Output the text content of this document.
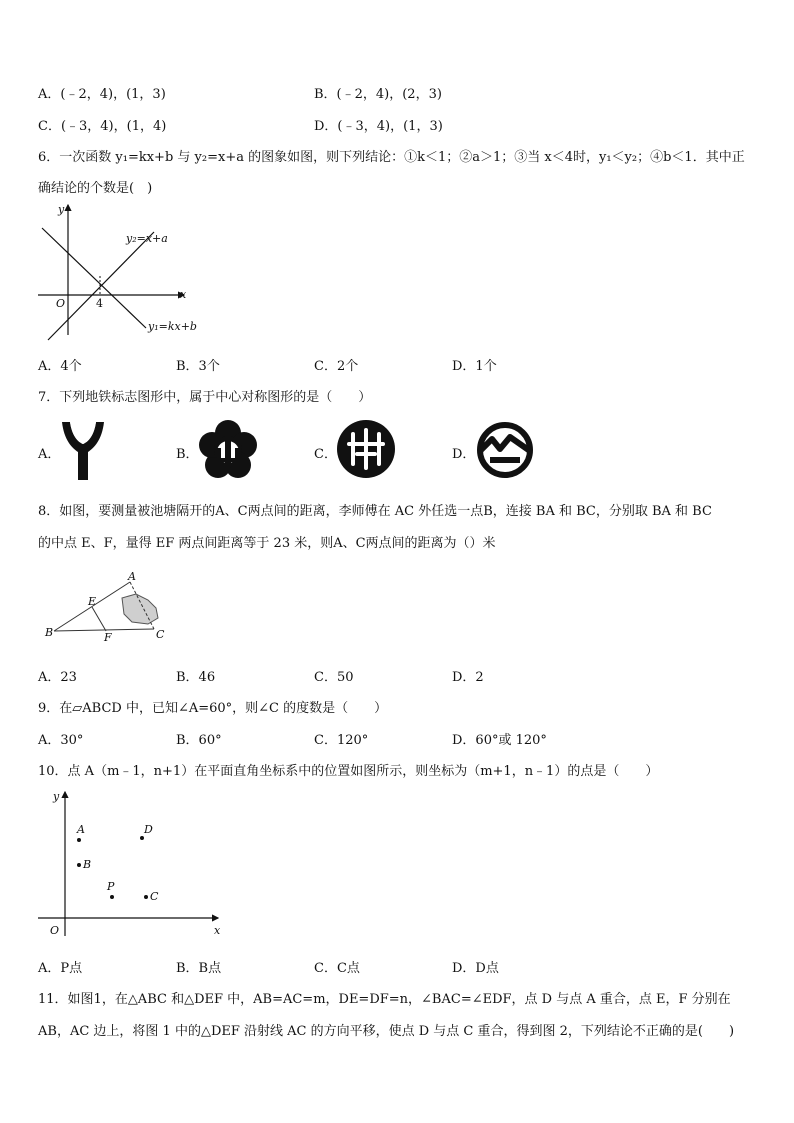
A．(﹣2，4)，(1，3)	B．(﹣2，4)，(2，3)
C．(﹣3，4)，(1，4)	D．(﹣3，4)，(1，3)
6．一次函数 y₁=kx+b 与 y₂=x+a 的图象如图，则下列结论：①k＜1；②a＞1；③当 x＜4时，y₁＜y₂；④b＜1．其中正
确结论的个数是(　)
y
x
O	4
y₂=x+a
y₁=kx+b
A．4个	B．3个	C．2个	D．1个
7．下列地铁标志图形中，属于中心对称图形的是（　　）
A．	B．	C．	D．
8．如图，要测量被池塘隔开的A、C两点间的距离，李师傅在 AC 外任选一点B，连接 BA 和 BC，分别取 BA 和 BC
的中点 E、F，量得 EF 两点间距离等于 23 米，则A、C两点间的距离为（）米
A
B	C
E
F
A．23	B．46	C．50	D．2
9．在▱ABCD 中，已知∠A=60°，则∠C 的度数是（　　）
A．30°	B．60°	C．120°	D．60°或 120°
10．点 A（m﹣1，n+1）在平面直角坐标系中的位置如图所示，则坐标为（m+1，n﹣1）的点是（　　）
y
x
O
A
B
D
P
C
A．P点	B．B点	C．C点	D．D点
11．如图1，在△ABC 和△DEF 中，AB=AC=m，DE=DF=n，∠BAC=∠EDF，点 D 与点 A 重合，点 E，F 分别在
AB，AC 边上，将图 1 中的△DEF 沿射线 AC 的方向平移，使点 D 与点 C 重合，得到图 2，下列结论不正确的是(　　)
